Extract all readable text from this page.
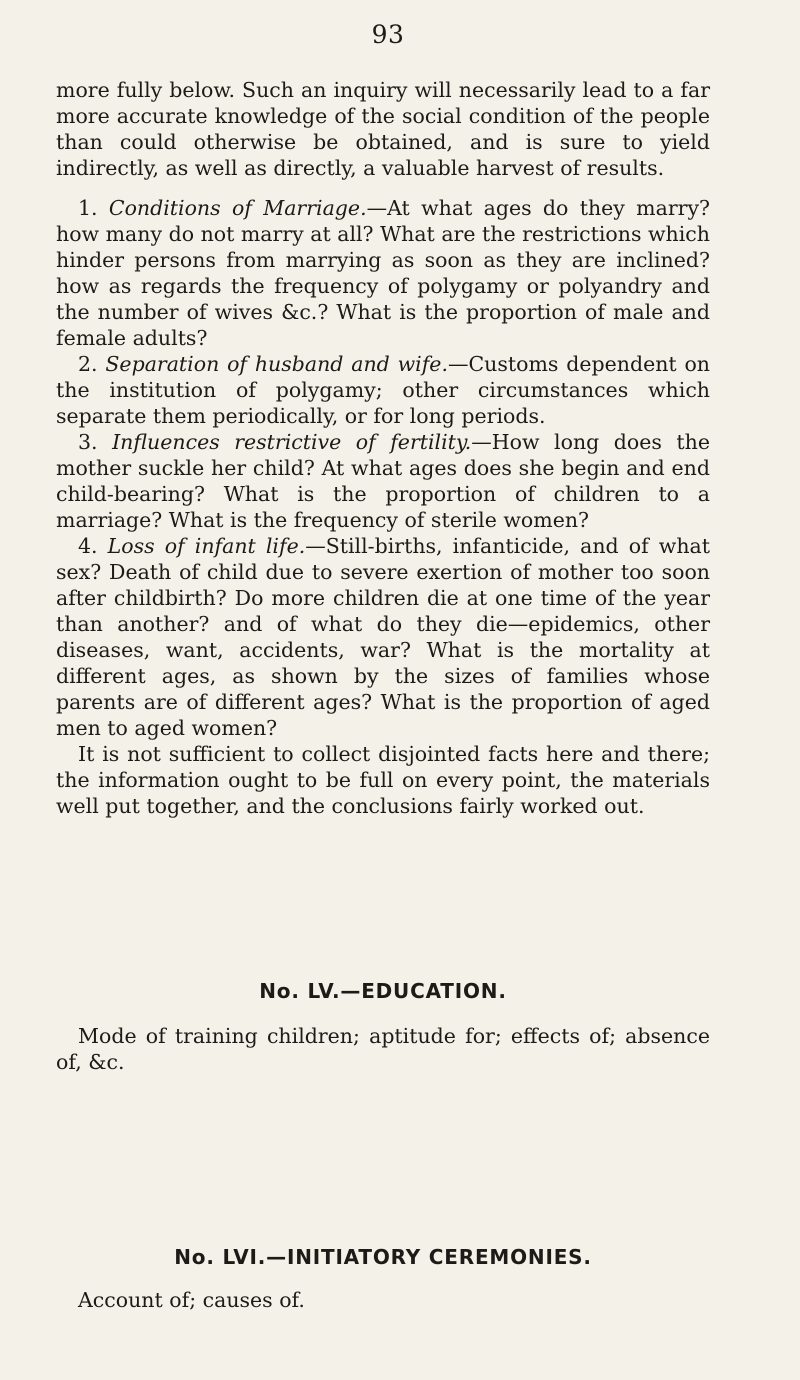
93

more fully below. Such an inquiry will necessarily lead to a far more accurate knowledge of the social condition of the people than could otherwise be obtained, and is sure to yield indirectly, as well as directly, a valuable harvest of results.

1. Conditions of Marriage.—At what ages do they marry? how many do not marry at all? What are the restrictions which hinder persons from marrying as soon as they are inclined? how as regards the frequency of polygamy or polyandry and the number of wives &c.? What is the proportion of male and female adults?

2. Separation of husband and wife.—Customs dependent on the institution of polygamy; other circumstances which separate them periodically, or for long periods.

3. Influences restrictive of fertility.—How long does the mother suckle her child? At what ages does she begin and end child-bearing? What is the proportion of children to a marriage? What is the frequency of sterile women?

4. Loss of infant life.—Still-births, infanticide, and of what sex? Death of child due to severe exertion of mother too soon after childbirth? Do more children die at one time of the year than another? and of what do they die—epidemics, other diseases, want, accidents, war? What is the mortality at different ages, as shown by the sizes of families whose parents are of different ages? What is the proportion of aged men to aged women?

It is not sufficient to collect disjointed facts here and there; the information ought to be full on every point, the materials well put together, and the conclusions fairly worked out.

No. LV.—EDUCATION.

Mode of training children; aptitude for; effects of; absence of, &c.

No. LVI.—INITIATORY CEREMONIES.

Account of; causes of.
